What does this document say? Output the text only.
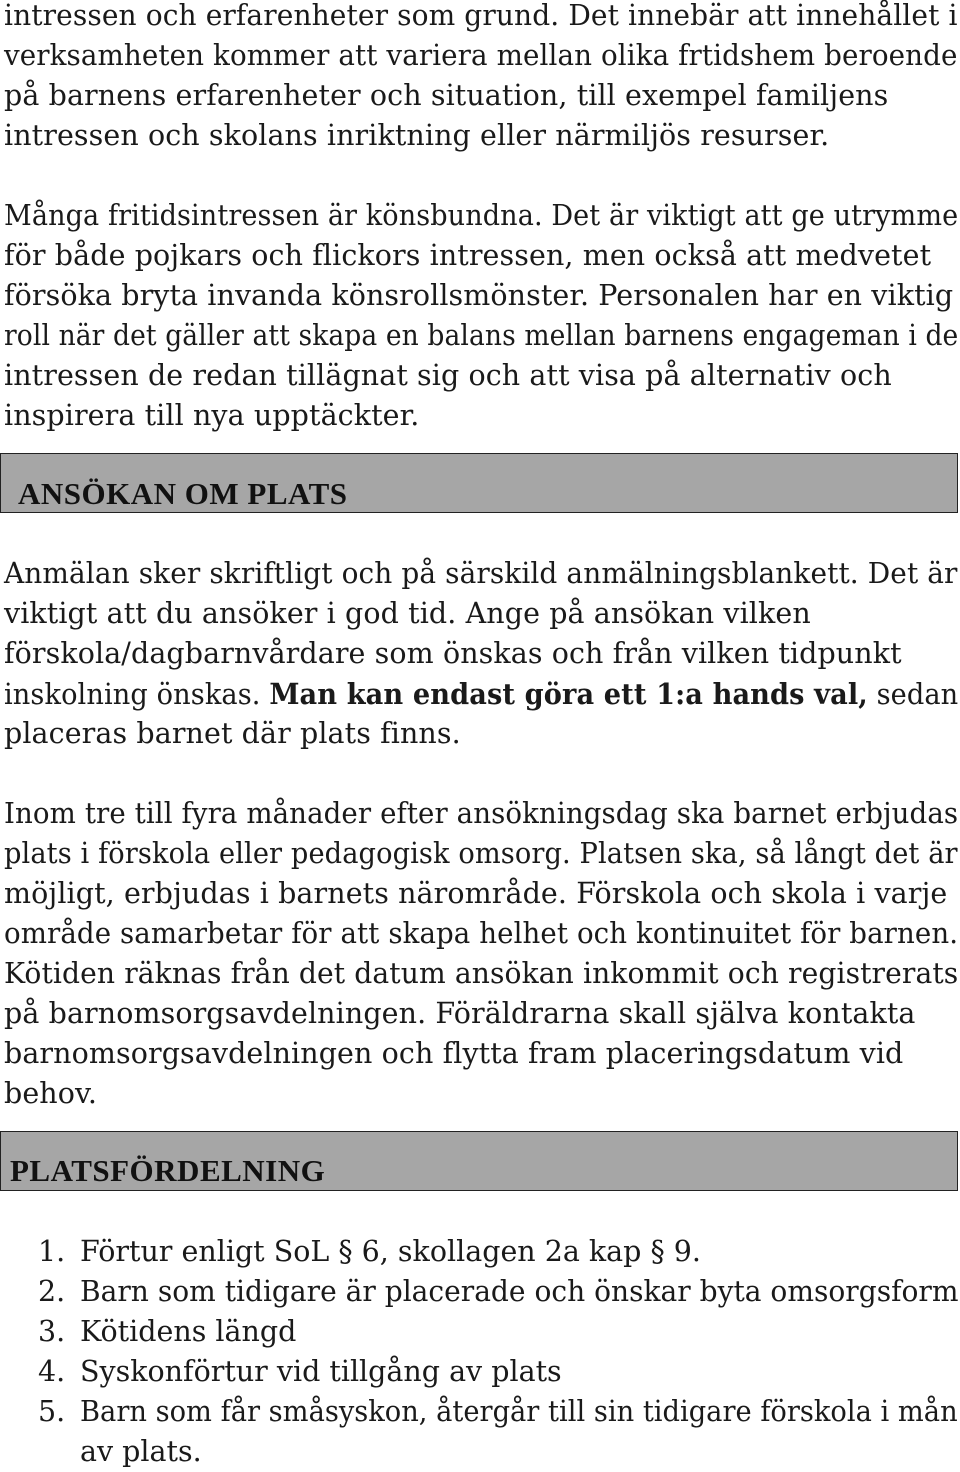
intressen och erfarenheter som grund. Det innebär att innehållet i
verksamheten kommer att variera mellan olika frtidshem beroende
på barnens erfarenheter och situation, till exempel familjens
intressen och skolans inriktning eller närmiljös resurser.
Många fritidsintressen är könsbundna. Det är viktigt att ge utrymme
för både pojkars och flickors intressen, men också att medvetet
försöka bryta invanda könsrollsmönster. Personalen har en viktig
roll när det gäller att skapa en balans mellan barnens engageman i de
intressen de redan tillägnat sig och att visa på alternativ och
inspirera till nya upptäckter.
ANSÖKAN OM PLATS
Anmälan sker skriftligt och på särskild anmälningsblankett. Det är
viktigt att du ansöker i god tid. Ange på ansökan vilken
förskola/dagbarnvårdare som önskas och från vilken tidpunkt
inskolning önskas. Man kan endast göra ett 1:a hands val, sedan
placeras barnet där plats finns.
Inom tre till fyra månader efter ansökningsdag ska barnet erbjudas
plats i förskola eller pedagogisk omsorg. Platsen ska, så långt det är
möjligt, erbjudas i barnets närområde. Förskola och skola i varje
område samarbetar för att skapa helhet och kontinuitet för barnen.
Kötiden räknas från det datum ansökan inkommit och registrerats
på barnomsorgsavdelningen. Föräldrarna skall själva kontakta
barnomsorgsavdelningen och flytta fram placeringsdatum vid
behov.
PLATSFÖRDELNING
1. Förtur enligt SoL § 6, skollagen 2a kap § 9.
2. Barn som tidigare är placerade och önskar byta omsorgsform
3. Kötidens längd
4. Syskonförtur vid tillgång av plats
5. Barn som får småsyskon, återgår till sin tidigare förskola i mån
av plats.
